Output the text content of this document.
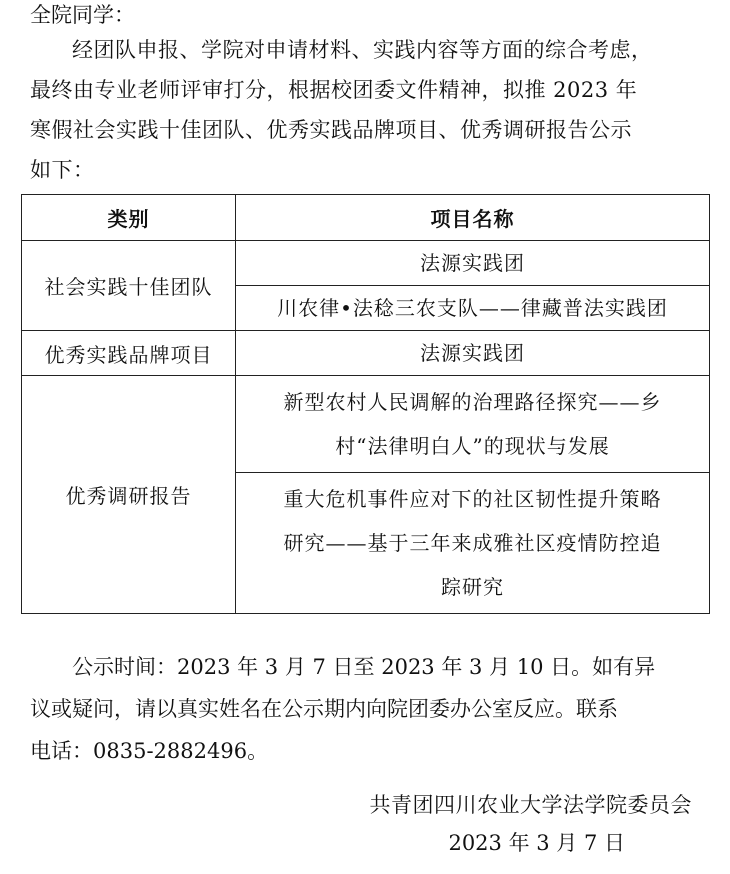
全院同学：
经团队申报、学院对申请材料、实践内容等方面的综合考虑，
最终由专业老师评审打分，根据校团委文件精神，拟推 2023 年
寒假社会实践十佳团队、优秀实践品牌项目、优秀调研报告公示
如下：
类别	项目名称
社会实践十佳团队	法源实践团

	川农律•法稔三农支队——律藏普法实践团

优秀实践品牌项目	法源实践团

优秀调研报告	新型农村人民调解的治理路径探究——乡
村“法律明白人”的现状与发展

	重大危机事件应对下的社区韧性提升策略
研究——基于三年来成雅社区疫情防控追
踪研究
公示时间：2023 年 3 月 7 日至 2023 年 3 月 10 日。如有异
议或疑问，请以真实姓名在公示期内向院团委办公室反应。联系
电话：0835-2882496。
共青团四川农业大学法学院委员会
2023 年 3 月 7 日
